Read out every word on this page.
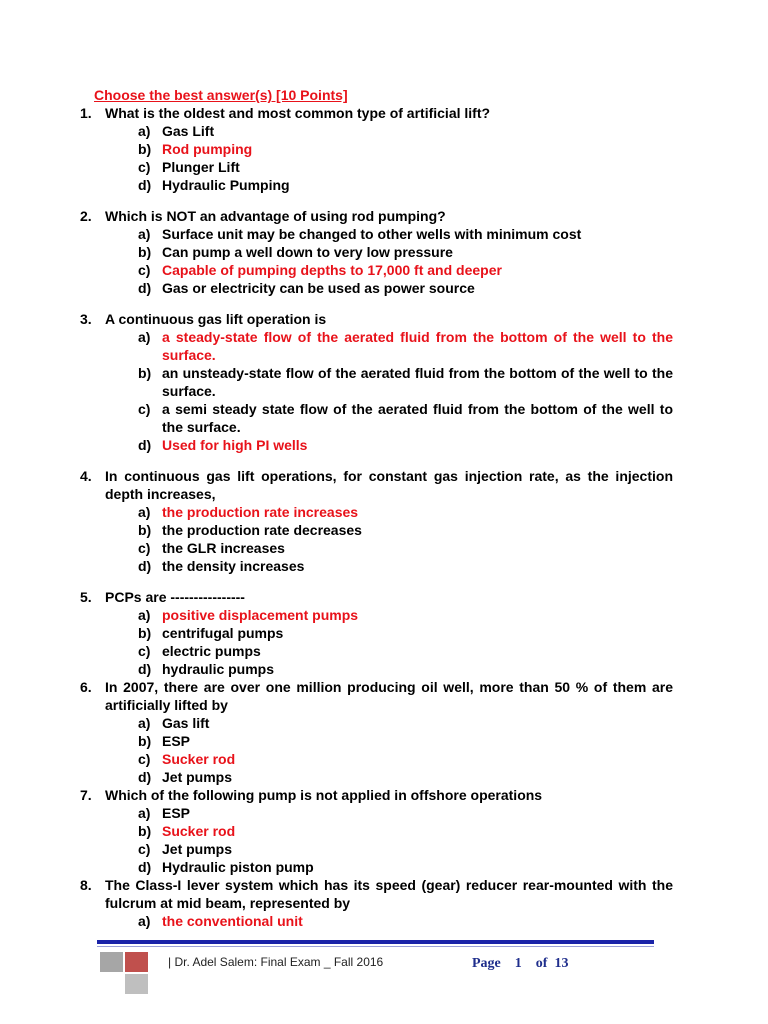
Choose the best answer(s) [10 Points]
1. What is the oldest and most common type of artificial lift?
a) Gas Lift
b) Rod pumping
c) Plunger Lift
d) Hydraulic Pumping
2. Which is NOT an advantage of using rod pumping?
a) Surface unit may be changed to other wells with minimum cost
b) Can pump a well down to very low pressure
c) Capable of pumping depths to 17,000 ft and deeper
d) Gas or electricity can be used as power source
3. A continuous gas lift operation is
a) a steady-state flow of the aerated fluid from the bottom of the well to the surface.
b) an unsteady-state flow of the aerated fluid from the bottom of the well to the surface.
c) a semi steady state flow of the aerated fluid from the bottom of the well to the surface.
d) Used for high PI wells
4. In continuous gas lift operations, for constant gas injection rate, as the injection depth increases,
a) the production rate increases
b) the production rate decreases
c) the GLR increases
d) the density increases
5. PCPs are ----------------
a) positive displacement pumps
b) centrifugal pumps
c) electric pumps
d) hydraulic pumps
6. In 2007, there are over one million producing oil well, more than 50 % of them are artificially lifted by
a) Gas lift
b) ESP
c) Sucker rod
d) Jet pumps
7. Which of the following pump is not applied in offshore operations
a) ESP
b) Sucker rod
c) Jet pumps
d) Hydraulic piston pump
8. The Class-I lever system which has its speed (gear) reducer rear-mounted with the fulcrum at mid beam, represented by
a) the conventional unit
| Dr. Adel Salem: Final Exam _ Fall 2016	Page 1 of 13
